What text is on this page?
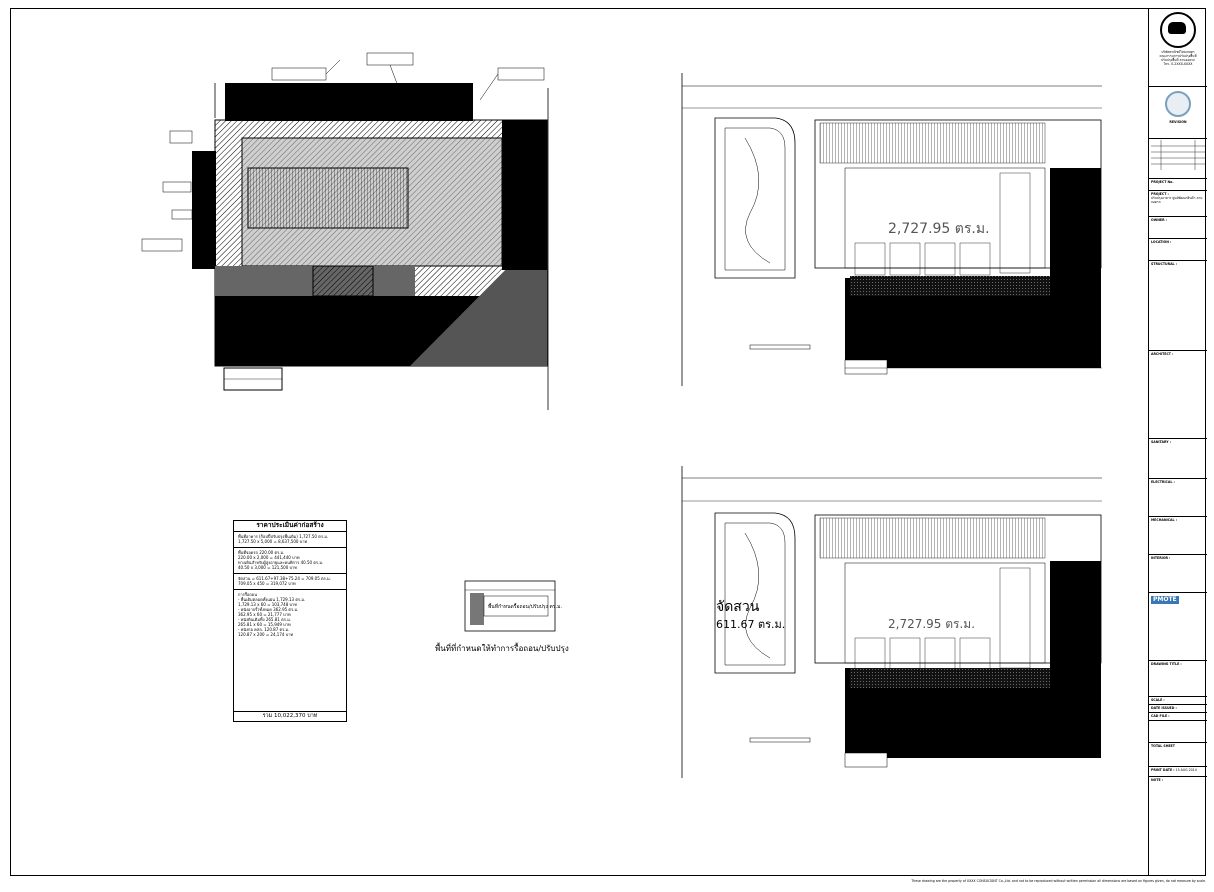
2,727.95 ตร.ม.
จัดสวน
611.67 ตร.ม.	2,727.95 ตร.ม.
พื้นที่กำหนดรื้อถอน/ปรับปรุง ตร.ม.
พื้นที่ที่กำหนดให้ทำการรื้อถอน/ปรับปรุง
ราคาประเมินค่าก่อสร้าง
พื้นที่อาคาร (ก็อปปี้ปรับปรุงพื้นเดิม) 1,727.50 ตร.ม.
1,727.50 x 5,000 = 8,637,500 บาท
พื้นที่จอดรถ 220.00 ตร.ม.
220.00 x 2,000 = 441,440 บาท
ทางเดินสำหรับผู้สูงอายุและคนพิการ 40.50 ตร.ม.
40.50 x 3,000 = 121,500 บาท
จัดสวน = 611.67+97.38+75.24 = 709.05 ตร.ม.
709.05 x 450 = 319,072 บาท
การรื้อถอน
- พื้นเดิมตลอดทั้งแผ่น 1,729.13 ตร.ม.
1,729.13 x 60 = 103,748 บาท
- พนังอาจรั้วทั้งหมด 362.95 ตร.ม.
362.95 x 60 = 21,777 บาท
- พนังดินเดิมทิ้ง 265.81 ตร.ม.
265.81 x 60 = 15,949 บาท
- พนังก่อ คสล. 120.87 ตร.ม.
120.87 x 200 = 24,174 บาท
รวม 10,022,370 บาท
บริษัทพาณิชย์ไทยเกษตร
คณะกรรมการปรับปรุงพื้นที่
ปรับปรุงพื้นที่ ลานจอดรถ
โทร. 0-2XXX-XXXX
REVISION
PROJECT No.
PROJECT :
ปรับปรุงอาคาร ศูนย์พัฒนาสินค้า ลานจอดรถ
OWNER :
LOCATION :
STRUCTURAL :
ARCHITECT :
SANITARY :
ELECTRICAL :
MECHANICAL :
INTERIOR :
PMOTE
DRAWING TITLE :
SCALE :
DATE ISSUED :
CAD FILE :
TOTAL SHEET
PRINT DATE : 15 AUG 2014
NOTE :
These drawing are the property of XXXX CONSULTANT Co.,Ltd. and not to be reproduced without written permission all dimensions are based on figures given, do not measure by scale.
